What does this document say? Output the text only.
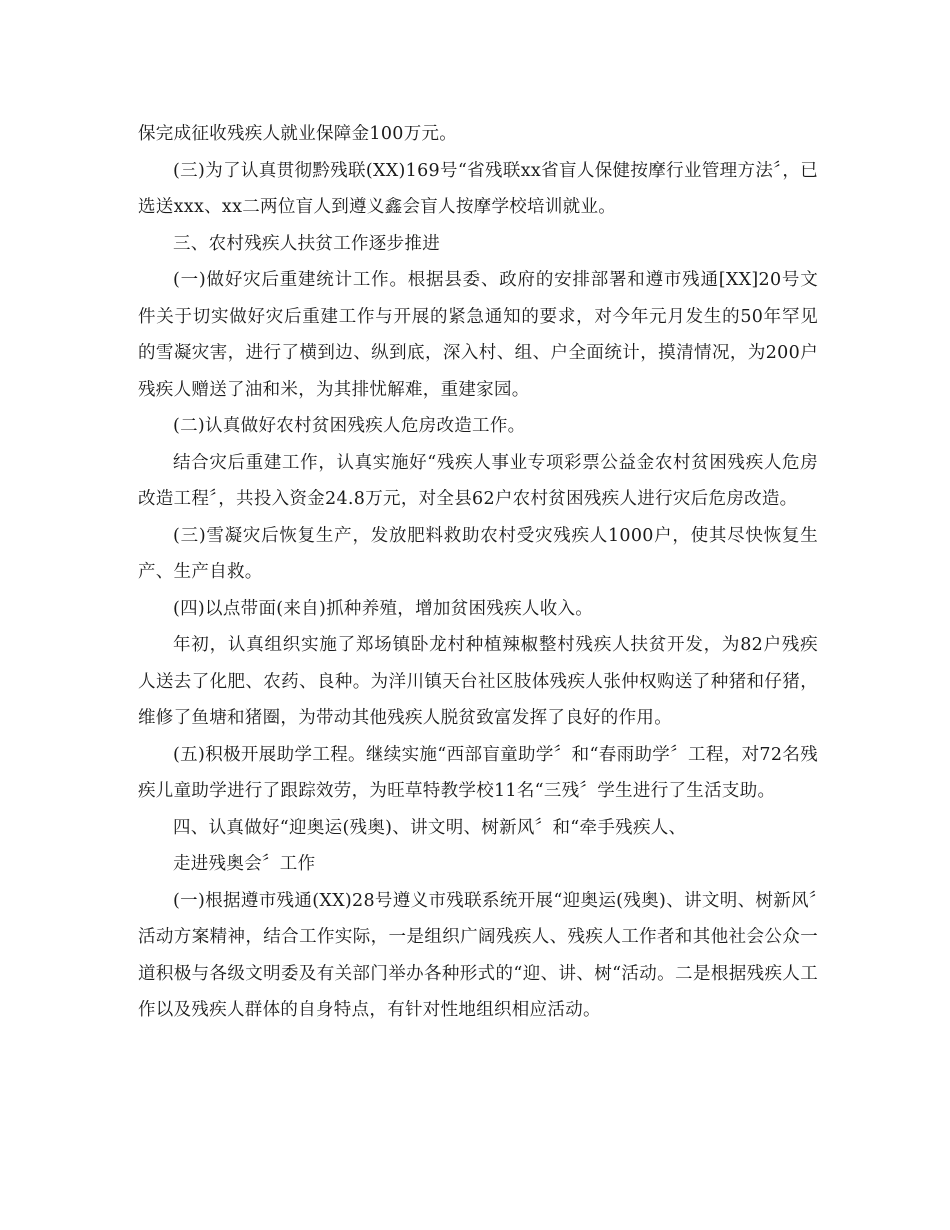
保完成征收残疾人就业保障金100万元。

(三)为了认真贯彻黔残联(XX)169号“省残联xx省盲人保健按摩行业管理方法〞，已选送xxx、xx二两位盲人到遵义鑫会盲人按摩学校培训就业。

三、农村残疾人扶贫工作逐步推进

(一)做好灾后重建统计工作。根据县委、政府的安排部署和遵市残通[XX]20号文件关于切实做好灾后重建工作与开展的紧急通知的要求，对今年元月发生的50年罕见的雪凝灾害，进行了横到边、纵到底，深入村、组、户全面统计，摸清情况，为200户残疾人赠送了油和米，为其排忧解难，重建家园。

(二)认真做好农村贫困残疾人危房改造工作。

结合灾后重建工作，认真实施好“残疾人事业专项彩票公益金农村贫困残疾人危房改造工程〞，共投入资金24.8万元，对全县62户农村贫困残疾人进行灾后危房改造。

(三)雪凝灾后恢复生产，发放肥料救助农村受灾残疾人1000户，使其尽快恢复生产、生产自救。

(四)以点带面(来自)抓种养殖，增加贫困残疾人收入。

年初，认真组织实施了郑场镇卧龙村种植辣椒整村残疾人扶贫开发，为82户残疾人送去了化肥、农药、良种。为洋川镇天台社区肢体残疾人张仲权购送了种猪和仔猪，维修了鱼塘和猪圈，为带动其他残疾人脱贫致富发挥了良好的作用。

(五)积极开展助学工程。继续实施“西部盲童助学〞和“春雨助学〞工程，对72名残疾儿童助学进行了跟踪效劳，为旺草特教学校11名“三残〞学生进行了生活支助。

四、认真做好“迎奥运(残奥)、讲文明、树新风〞和“牵手残疾人、

走进残奥会〞工作

(一)根据遵市残通(XX)28号遵义市残联系统开展“迎奥运(残奥)、讲文明、树新风〞活动方案精神，结合工作实际，一是组织广阔残疾人、残疾人工作者和其他社会公众一道积极与各级文明委及有关部门举办各种形式的“迎、讲、树“活动。二是根据残疾人工作以及残疾人群体的自身特点，有针对性地组织相应活动。
